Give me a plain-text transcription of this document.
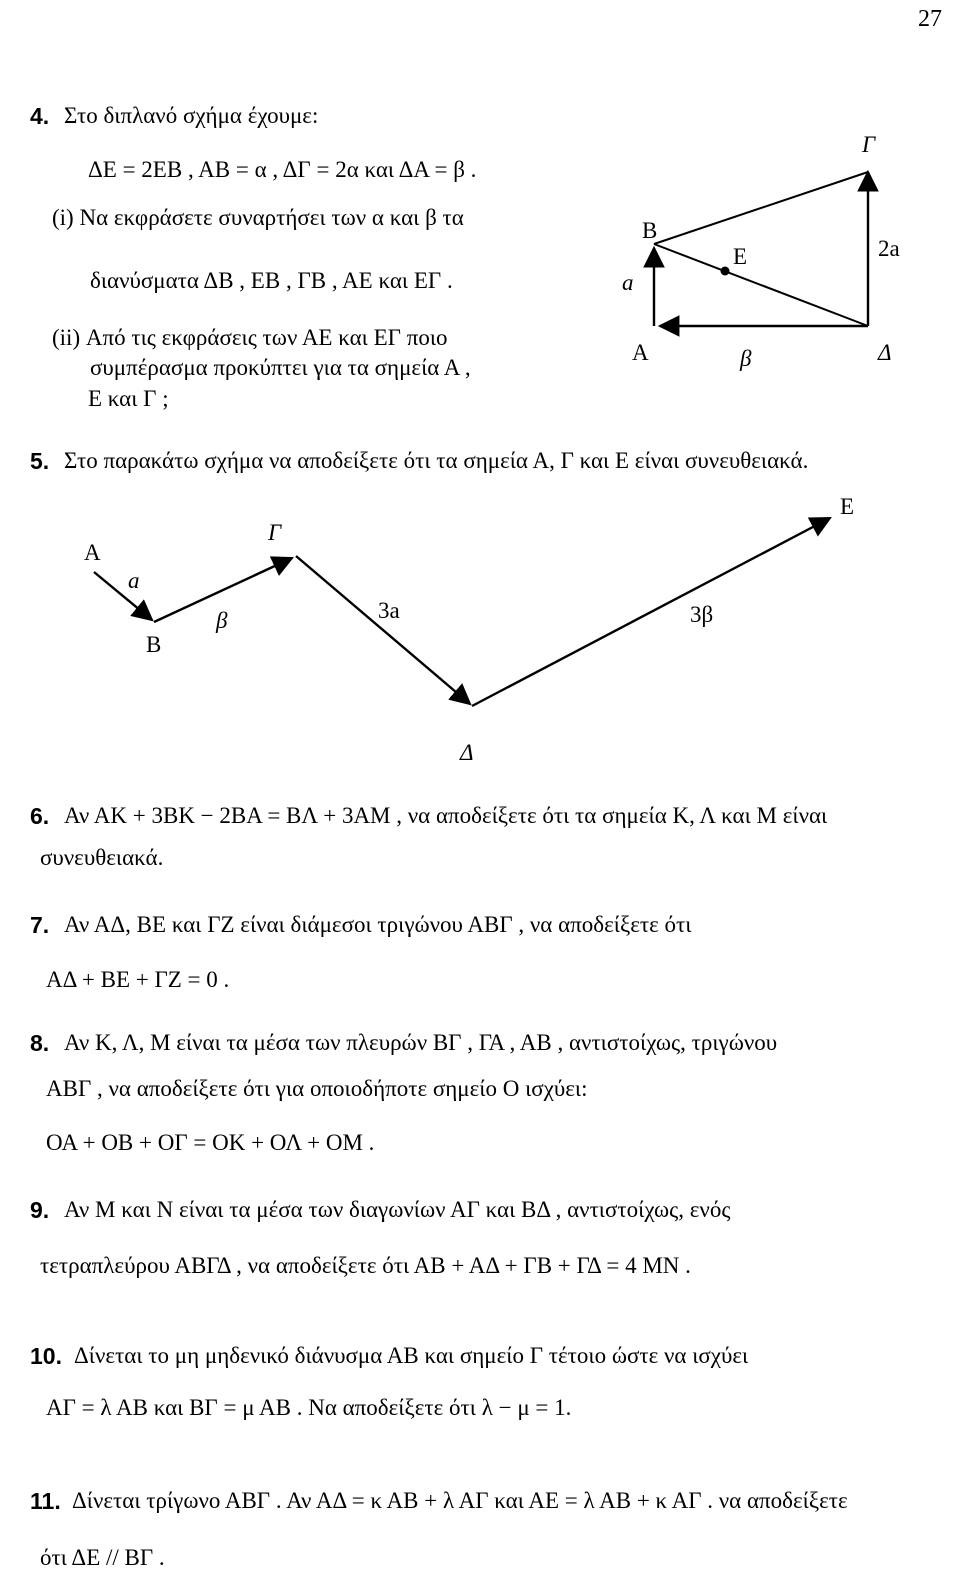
27
4. Στο διπλανό σχήμα έχουμε:
ΔΕ = 2ΕΒ , ΑΒ = α , ΔΓ = 2α και ΔΑ = β .
(i) Να εκφράσετε συναρτήσει των α και β τα
διανύσματα ΔΒ , ΕΒ , ΓΒ , ΑΕ και ΕΓ .
(ii) Από τις εκφράσεις των ΑΕ και ΕΓ ποιο
συμπέρασμα προκύπτει για τα σημεία Α ,
Ε και Γ ;
Γ
Β
Ε	2a
a
Α	β	Δ
5. Στο παρακάτω σχήμα να αποδείξετε ότι τα σημεία Α, Γ και Ε είναι συνευθειακά.
Α
a
Β
β
Γ
3a
Δ
3β
Ε
6. Αν ΑΚ + 3ΒΚ − 2ΒΑ = ΒΛ + 3ΑΜ , να αποδείξετε ότι τα σημεία Κ, Λ και Μ είναι
συνευθειακά.
7. Αν ΑΔ, ΒΕ και ΓΖ είναι διάμεσοι τριγώνου ΑΒΓ , να αποδείξετε ότι
ΑΔ + ΒΕ + ΓΖ = 0 .
8. Αν Κ, Λ, Μ είναι τα μέσα των πλευρών ΒΓ , ΓΑ , ΑΒ , αντιστοίχως, τριγώνου
ΑΒΓ , να αποδείξετε ότι για οποιοδήποτε σημείο Ο ισχύει:
ΟΑ + ΟΒ + ΟΓ = ΟΚ + ΟΛ + ΟΜ .
9. Αν Μ και Ν είναι τα μέσα των διαγωνίων ΑΓ και ΒΔ , αντιστοίχως, ενός
τετραπλεύρου ΑΒΓΔ , να αποδείξετε ότι ΑΒ + ΑΔ + ΓΒ + ΓΔ = 4 ΜΝ .
10. Δίνεται το μη μηδενικό διάνυσμα ΑΒ και σημείο Γ τέτοιο ώστε να ισχύει
ΑΓ = λ ΑΒ και ΒΓ = μ ΑΒ . Να αποδείξετε ότι λ − μ = 1.
11. Δίνεται τρίγωνο ΑΒΓ . Αν ΑΔ = κ ΑΒ + λ ΑΓ και ΑΕ = λ ΑΒ + κ ΑΓ . να αποδείξετε
ότι ΔΕ // ΒΓ .
